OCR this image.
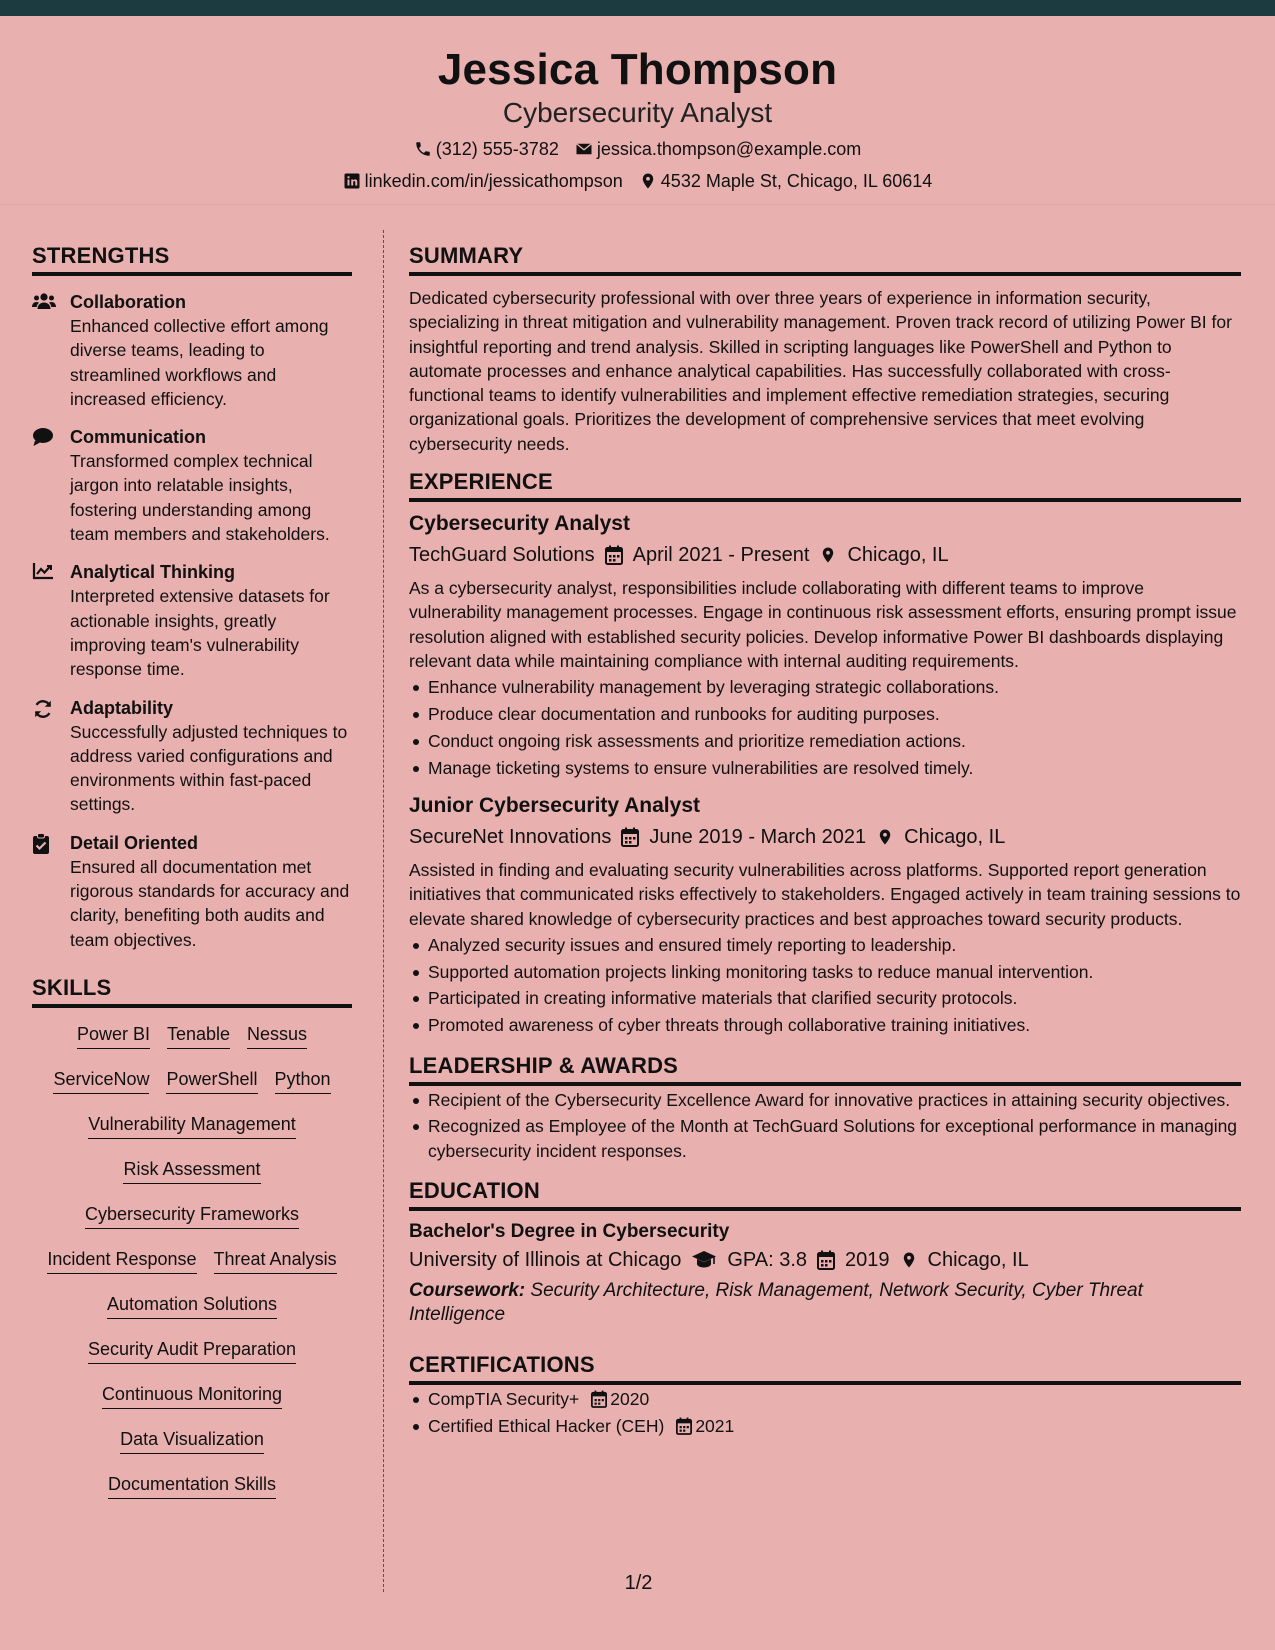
Jessica Thompson
Cybersecurity Analyst
(312) 555-3782 jessica.thompson@example.com
linkedin.com/in/jessicathompson 4532 Maple St, Chicago, IL 60614
STRENGTHS
Collaboration
Enhanced collective effort among diverse teams, leading to streamlined workflows and increased efficiency.
Communication
Transformed complex technical jargon into relatable insights, fostering understanding among team members and stakeholders.
Analytical Thinking
Interpreted extensive datasets for actionable insights, greatly improving team's vulnerability response time.
Adaptability
Successfully adjusted techniques to address varied configurations and environments within fast-paced settings.
Detail Oriented
Ensured all documentation met rigorous standards for accuracy and clarity, benefiting both audits and team objectives.
SKILLS
Power BI Tenable Nessus
ServiceNow PowerShell Python
Vulnerability Management
Risk Assessment
Cybersecurity Frameworks
Incident Response Threat Analysis
Automation Solutions
Security Audit Preparation
Continuous Monitoring
Data Visualization
Documentation Skills
SUMMARY
Dedicated cybersecurity professional with over three years of experience in information security, specializing in threat mitigation and vulnerability management. Proven track record of utilizing Power BI for insightful reporting and trend analysis. Skilled in scripting languages like PowerShell and Python to automate processes and enhance analytical capabilities. Has successfully collaborated with cross-functional teams to identify vulnerabilities and implement effective remediation strategies, securing organizational goals. Prioritizes the development of comprehensive services that meet evolving cybersecurity needs.
EXPERIENCE
Cybersecurity Analyst
TechGuard Solutions April 2021 - Present Chicago, IL
As a cybersecurity analyst, responsibilities include collaborating with different teams to improve vulnerability management processes. Engage in continuous risk assessment efforts, ensuring prompt issue resolution aligned with established security policies. Develop informative Power BI dashboards displaying relevant data while maintaining compliance with internal auditing requirements.
Enhance vulnerability management by leveraging strategic collaborations.
Produce clear documentation and runbooks for auditing purposes.
Conduct ongoing risk assessments and prioritize remediation actions.
Manage ticketing systems to ensure vulnerabilities are resolved timely.
Junior Cybersecurity Analyst
SecureNet Innovations June 2019 - March 2021 Chicago, IL
Assisted in finding and evaluating security vulnerabilities across platforms. Supported report generation initiatives that communicated risks effectively to stakeholders. Engaged actively in team training sessions to elevate shared knowledge of cybersecurity practices and best approaches toward security products.
Analyzed security issues and ensured timely reporting to leadership.
Supported automation projects linking monitoring tasks to reduce manual intervention.
Participated in creating informative materials that clarified security protocols.
Promoted awareness of cyber threats through collaborative training initiatives.
LEADERSHIP & AWARDS
Recipient of the Cybersecurity Excellence Award for innovative practices in attaining security objectives.
Recognized as Employee of the Month at TechGuard Solutions for exceptional performance in managing cybersecurity incident responses.
EDUCATION
Bachelor's Degree in Cybersecurity
University of Illinois at Chicago GPA: 3.8 2019 Chicago, IL
Coursework: Security Architecture, Risk Management, Network Security, Cyber Threat Intelligence
CERTIFICATIONS
CompTIA Security+ 2020
Certified Ethical Hacker (CEH) 2021
1/2
